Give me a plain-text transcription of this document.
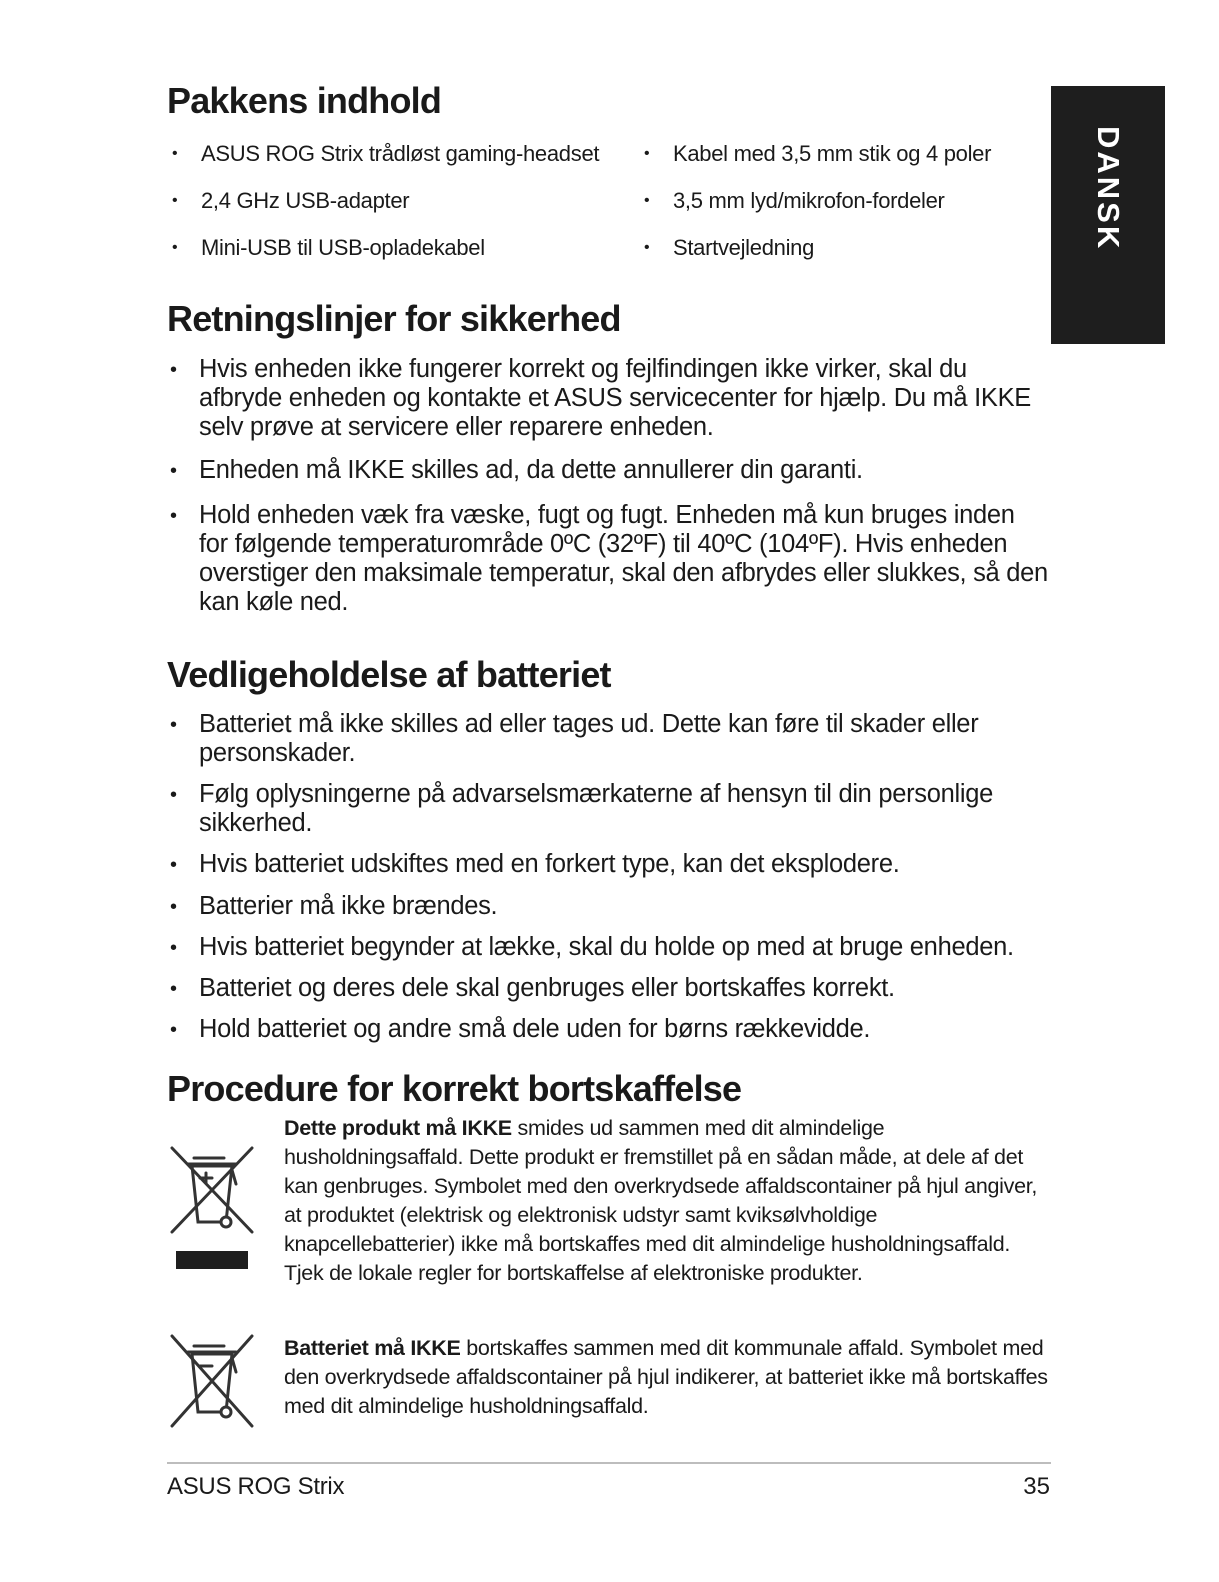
DANSK
Pakkens indhold
• ASUS ROG Strix trådløst gaming-headset	• Kabel med 3,5 mm stik og 4 poler
• 2,4 GHz USB-adapter	• 3,5 mm lyd/mikrofon-fordeler
• Mini-USB til USB-opladekabel	• Startvejledning
Retningslinjer for sikkerhed
• Hvis enheden ikke fungerer korrekt og fejlfindingen ikke virker, skal du afbryde enheden og kontakte et ASUS servicecenter for hjælp. Du må IKKE selv prøve at servicere eller reparere enheden.
• Enheden må IKKE skilles ad, da dette annullerer din garanti.
• Hold enheden væk fra væske, fugt og fugt. Enheden må kun bruges inden for følgende temperaturområde 0ºC (32ºF) til 40ºC (104ºF). Hvis enheden overstiger den maksimale temperatur, skal den afbrydes eller slukkes, så den kan køle ned.
Vedligeholdelse af batteriet
• Batteriet må ikke skilles ad eller tages ud. Dette kan føre til skader eller personskader.
• Følg oplysningerne på advarselsmærkaterne af hensyn til din personlige sikkerhed.
• Hvis batteriet udskiftes med en forkert type, kan det eksplodere.
• Batterier må ikke brændes.
• Hvis batteriet begynder at lække, skal du holde op med at bruge enheden.
• Batteriet og deres dele skal genbruges eller bortskaffes korrekt.
• Hold batteriet og andre små dele uden for børns rækkevidde.
Procedure for korrekt bortskaffelse

Dette produkt må IKKE smides ud sammen med dit almindelige husholdningsaffald. Dette produkt er fremstillet på en sådan måde, at dele af det kan genbruges. Symbolet med den overkrydsede affaldscontainer på hjul angiver, at produktet (elektrisk og elektronisk udstyr samt kviksølvholdige knapcellebatterier) ikke må bortskaffes med dit almindelige husholdningsaffald. Tjek de lokale regler for bortskaffelse af elektroniske produkter.

Batteriet må IKKE bortskaffes sammen med dit kommunale affald. Symbolet med den overkrydsede affaldscontainer på hjul indikerer, at batteriet ikke må bortskaffes med dit almindelige husholdningsaffald.

ASUS ROG Strix	35
